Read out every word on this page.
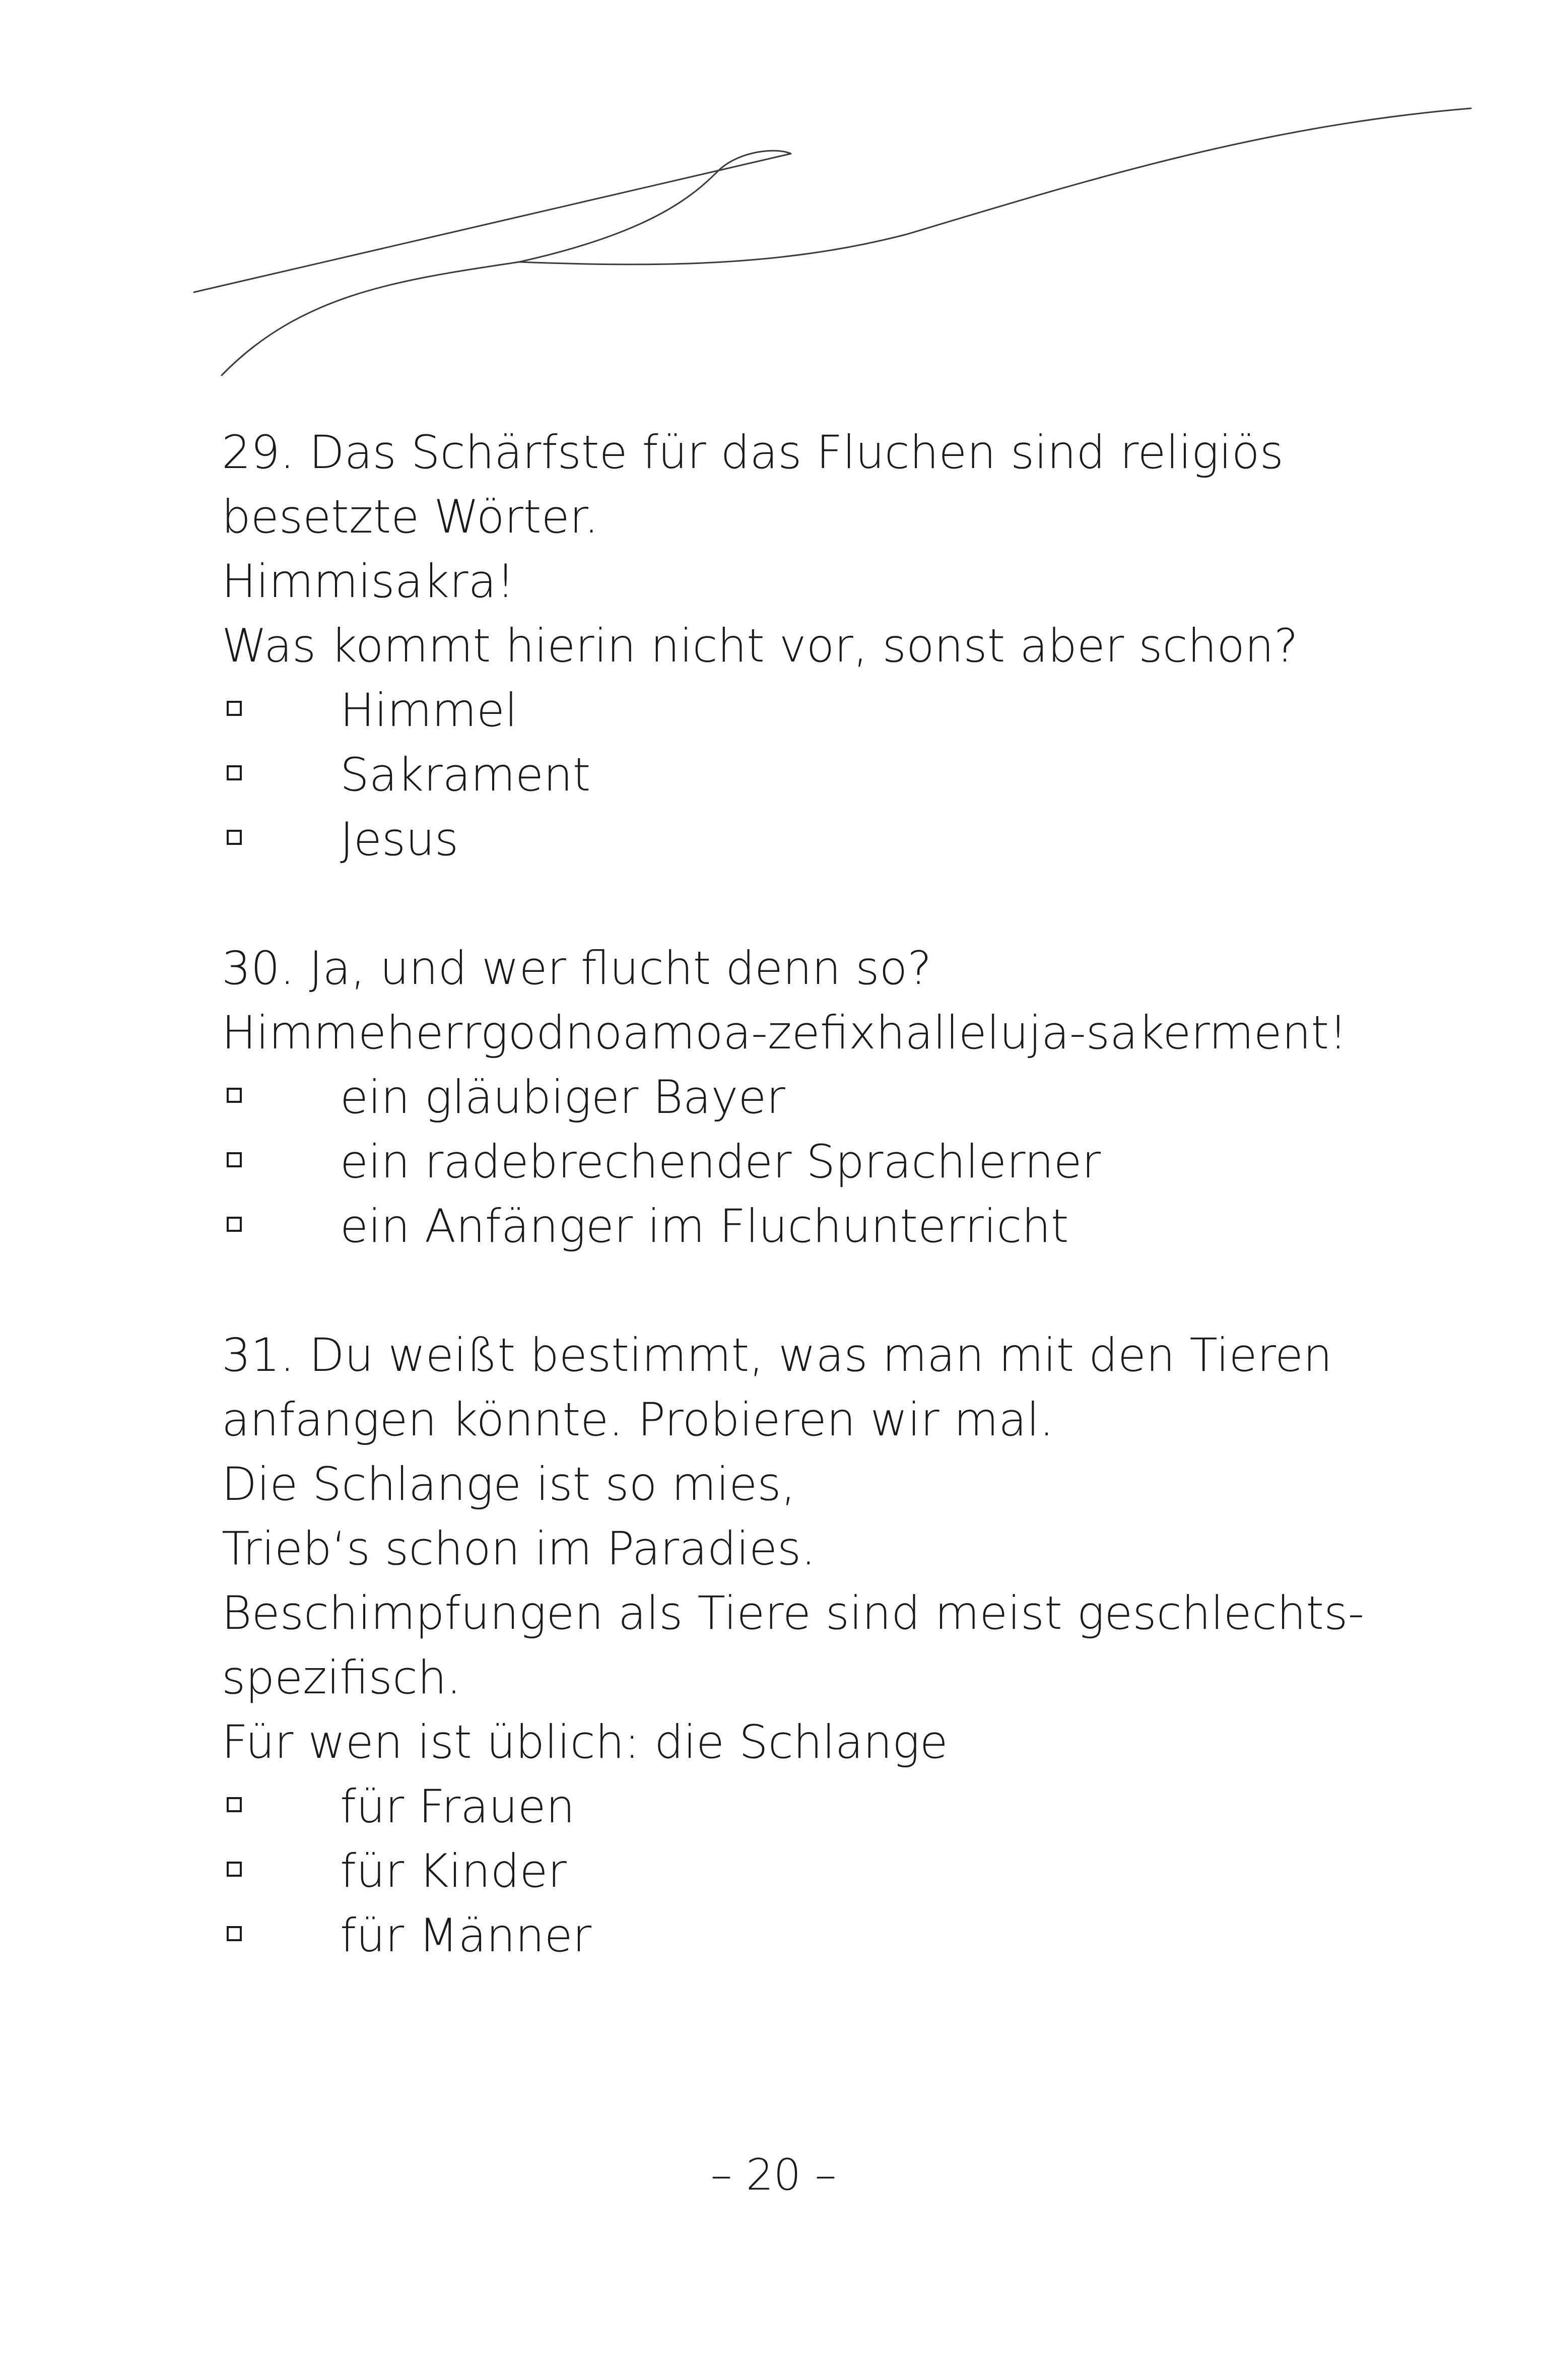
29. Das Schärfste für das Fluchen sind religiös
besetzte Wörter.
Himmisakra!
Was kommt hierin nicht vor, sonst aber schon?
Himmel
Sakrament
Jesus
30. Ja, und wer flucht denn so?
Himmeherrgodnoamoa-zefixhalleluja-sakerment!
ein gläubiger Bayer
ein radebrechender Sprachlerner
ein Anfänger im Fluchunterricht
31. Du weißt bestimmt, was man mit den Tieren
anfangen könnte. Probieren wir mal.
Die Schlange ist so mies,
Trieb‘s schon im Paradies.
Beschimpfungen als Tiere sind meist geschlechts-
spezifisch.
Für wen ist üblich: die Schlange
für Frauen
für Kinder
für Männer
– 20 –
